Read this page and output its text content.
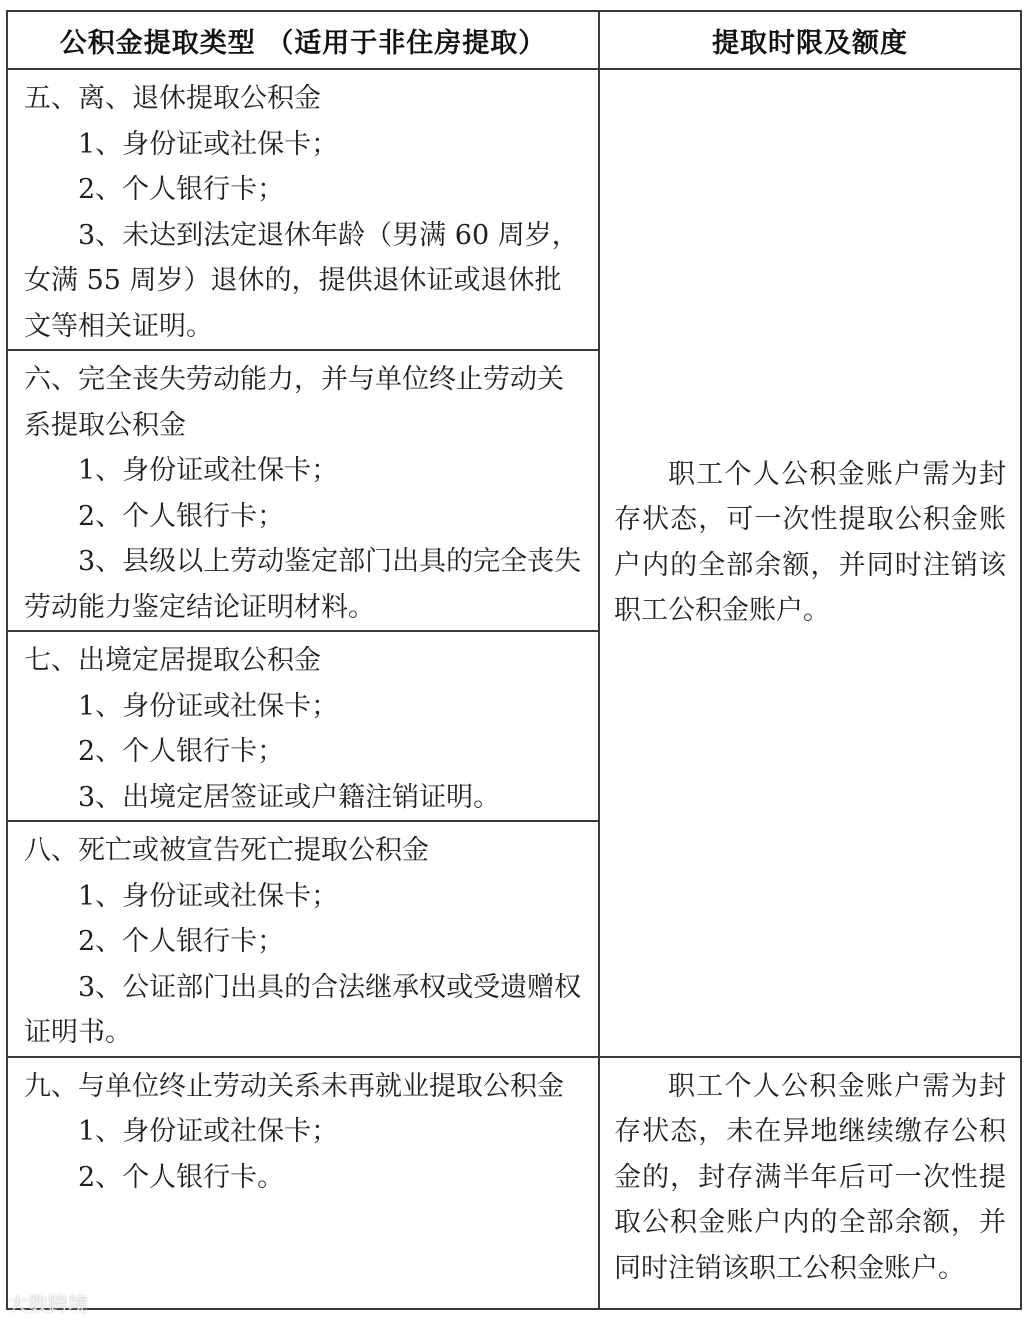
公积金提取类型 （适用于非住房提取）	提取时限及额度

五、离、退休提取公积金
1、身份证或社保卡；
2、个人银行卡；
3、未达到法定退休年龄（男满 60 周岁，女满 55 周岁）退休的，提供退休证或退休批文等相关证明。	职工个人公积金账户需为封存状态，可一次性提取公积金账户内的全部余额，并同时注销该职工公积金账户。

六、完全丧失劳动能力，并与单位终止劳动关系提取公积金
1、身份证或社保卡；
2、个人银行卡；
3、县级以上劳动鉴定部门出具的完全丧失劳动能力鉴定结论证明材料。	

七、出境定居提取公积金
1、身份证或社保卡；
2、个人银行卡；
3、出境定居签证或户籍注销证明。	

八、死亡或被宣告死亡提取公积金
1、身份证或社保卡；
2、个人银行卡；
3、公证部门出具的合法继承权或受遗赠权证明书。	

九、与单位终止劳动关系未再就业提取公积金
1、身份证或社保卡；
2、个人银行卡。	职工个人公积金账户需为封存状态，未在异地继续缴存公积金的，封存满半年后可一次性提取公积金账户内的全部余额，并同时注销该职工公积金账户。
大数跨境
